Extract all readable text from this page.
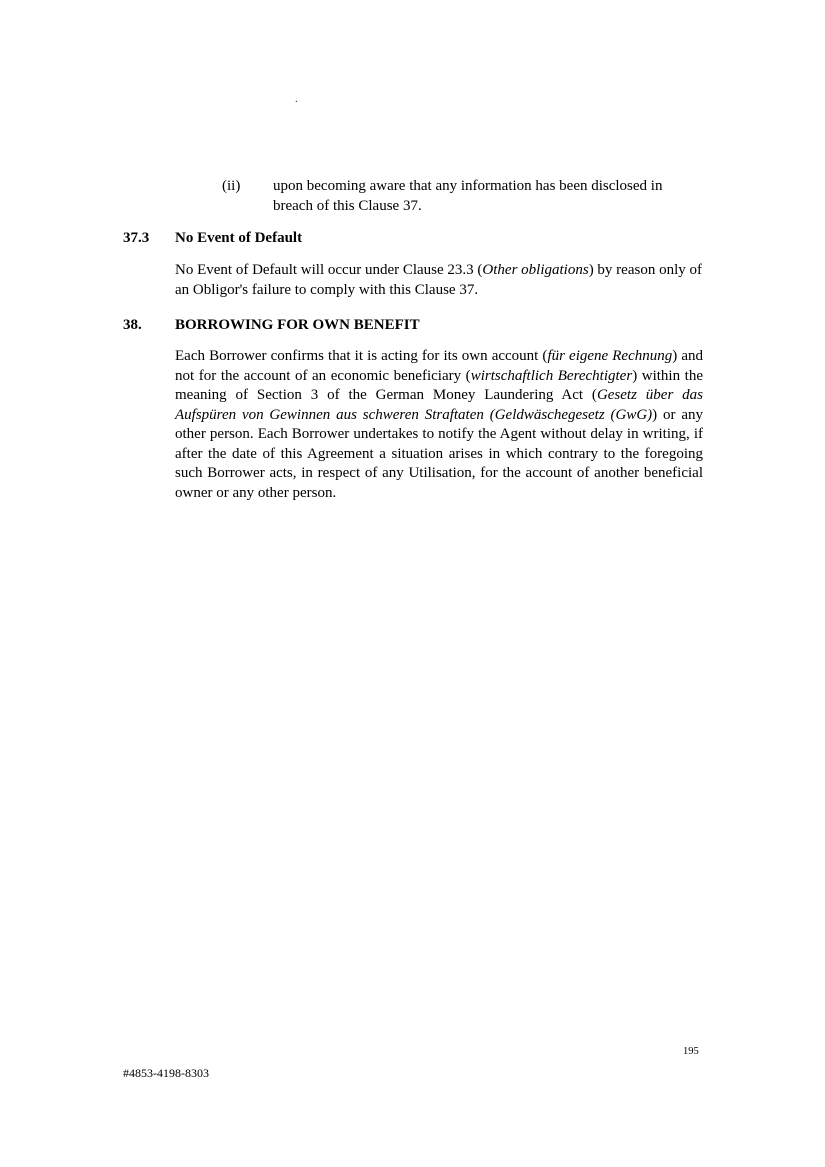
.
(ii)	upon becoming aware that any information has been disclosed in breach of this Clause 37.
37.3	No Event of Default

No Event of Default will occur under Clause 23.3 (Other obligations) by reason only of an Obligor's failure to comply with this Clause 37.

38.	BORROWING FOR OWN BENEFIT

Each Borrower confirms that it is acting for its own account (für eigene Rechnung) and not for the account of an economic beneficiary (wirtschaftlich Berechtigter) within the meaning of Section 3 of the German Money Laundering Act (Gesetz über das Aufspüren von Gewinnen aus schweren Straftaten (Geldwäschegesetz (GwG)) or any other person. Each Borrower undertakes to notify the Agent without delay in writing, if after the date of this Agreement a situation arises in which contrary to the foregoing such Borrower acts, in respect of any Utilisation, for the account of another beneficial owner or any other person.

195
#4853-4198-8303
